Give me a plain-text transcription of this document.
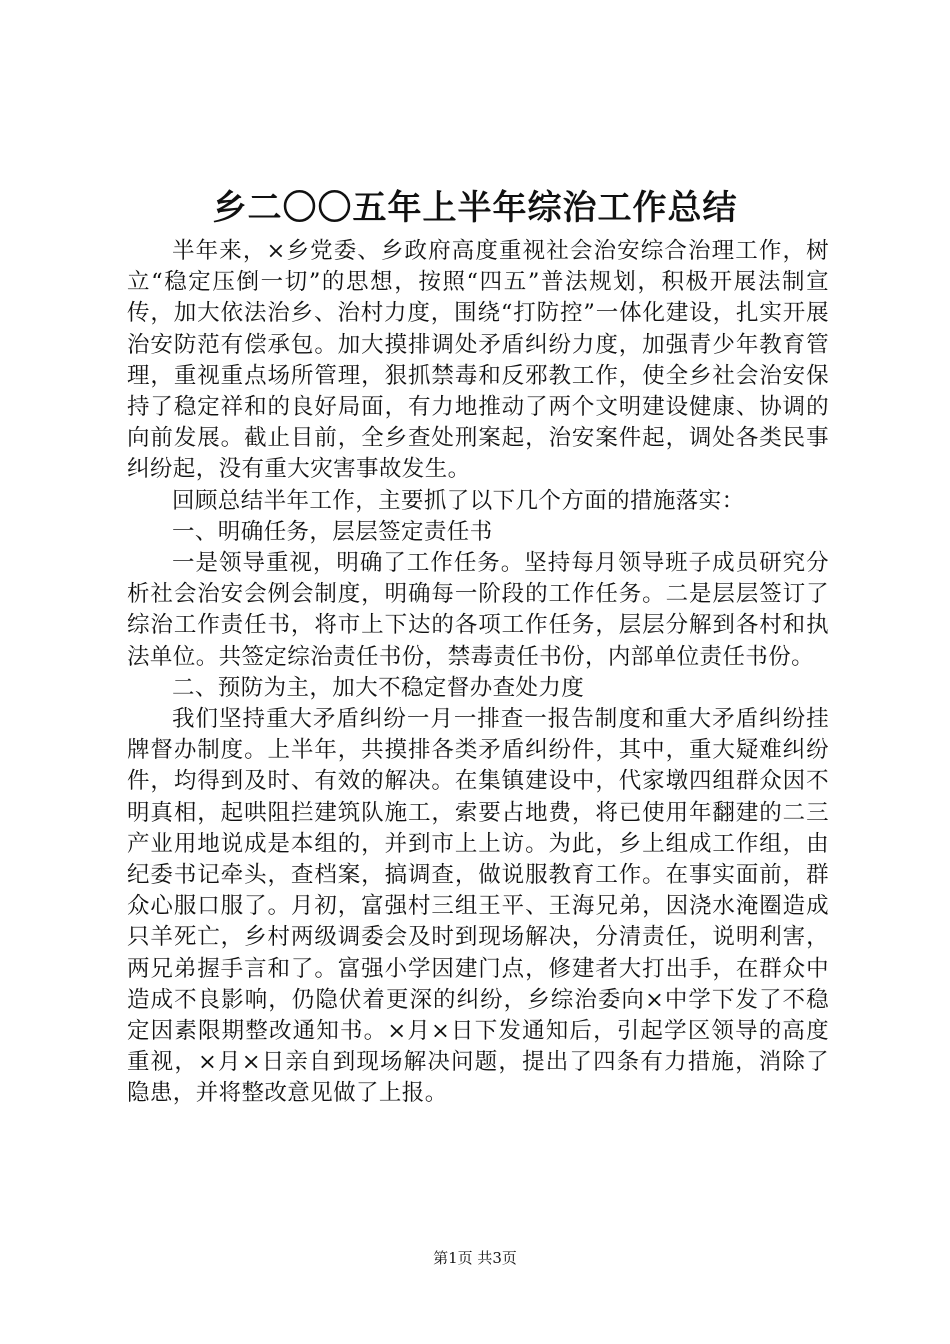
乡二〇〇五年上半年综治工作总结

半年来，×乡党委、乡政府高度重视社会治安综合治理工作，树立“稳定压倒一切”的思想，按照“四五”普法规划，积极开展法制宣传，加大依法治乡、治村力度，围绕“打防控”一体化建设，扎实开展治安防范有偿承包。加大摸排调处矛盾纠纷力度，加强青少年教育管理，重视重点场所管理，狠抓禁毒和反邪教工作，使全乡社会治安保持了稳定祥和的良好局面，有力地推动了两个文明建设健康、协调的向前发展。截止目前，全乡查处刑案起，治安案件起，调处各类民事纠纷起，没有重大灾害事故发生。

回顾总结半年工作，主要抓了以下几个方面的措施落实：

一、明确任务，层层签定责任书

一是领导重视，明确了工作任务。坚持每月领导班子成员研究分析社会治安会例会制度，明确每一阶段的工作任务。二是层层签订了综治工作责任书，将市上下达的各项工作任务，层层分解到各村和执法单位。共签定综治责任书份，禁毒责任书份，内部单位责任书份。

二、预防为主，加大不稳定督办查处力度

我们坚持重大矛盾纠纷一月一排查一报告制度和重大矛盾纠纷挂牌督办制度。上半年，共摸排各类矛盾纠纷件，其中，重大疑难纠纷件，均得到及时、有效的解决。在集镇建设中，代家墩四组群众因不明真相，起哄阻拦建筑队施工，索要占地费，将已使用年翻建的二三产业用地说成是本组的，并到市上上访。为此，乡上组成工作组，由纪委书记牵头，查档案，搞调查，做说服教育工作。在事实面前，群众心服口服了。月初，富强村三组王平、王海兄弟，因浇水淹圈造成只羊死亡，乡村两级调委会及时到现场解决，分清责任，说明利害，两兄弟握手言和了。富强小学因建门点，修建者大打出手，在群众中造成不良影响，仍隐伏着更深的纠纷，乡综治委向×中学下发了不稳定因素限期整改通知书。×月×日下发通知后，引起学区领导的高度重视，×月×日亲自到现场解决问题，提出了四条有力措施，消除了隐患，并将整改意见做了上报。

第1页 共3页
